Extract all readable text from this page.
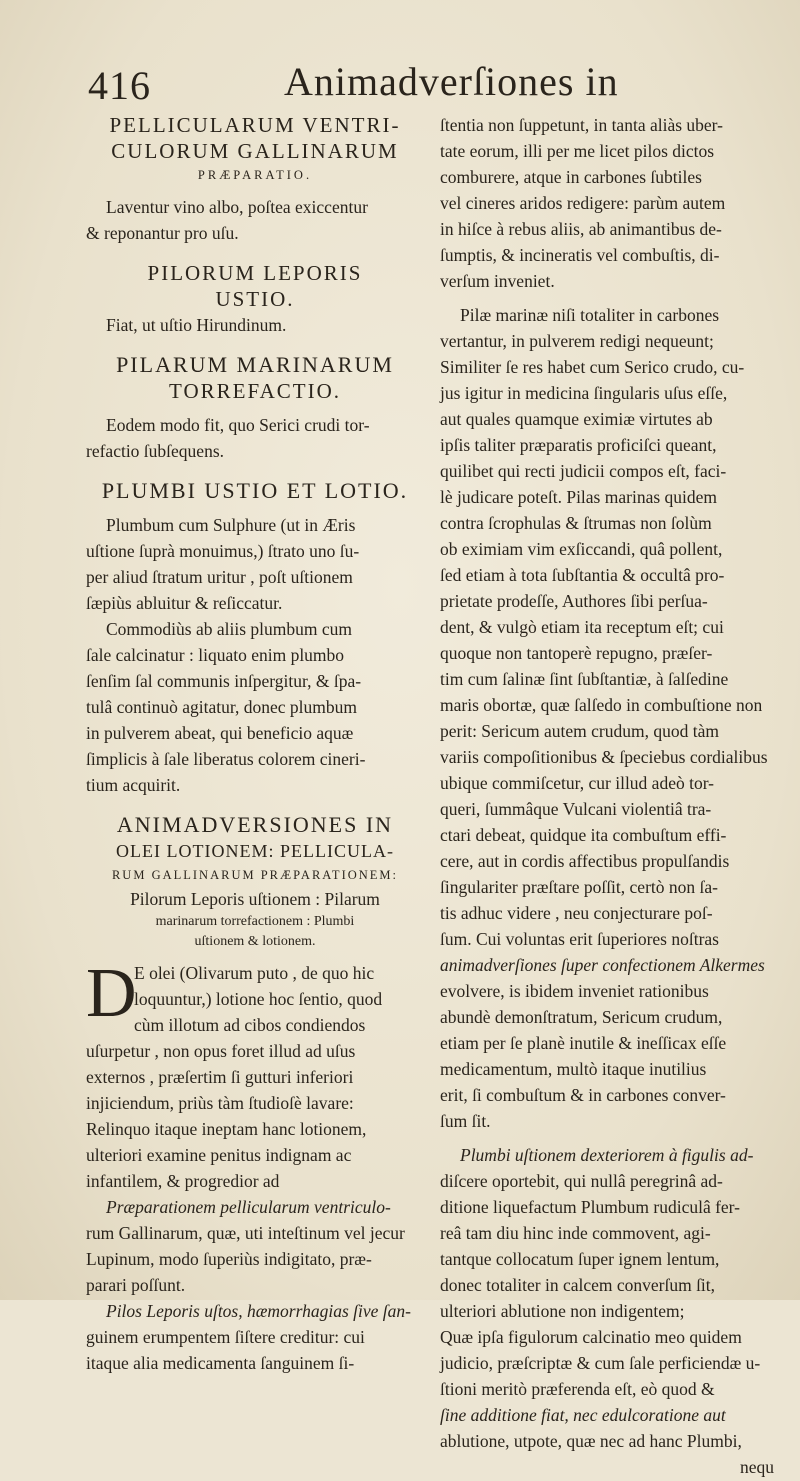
416	Animadverſiones in
PELLICULARUM VENTRI-
CULORUM GALLINARUM
PRÆPARATIO.
Laventur vino albo, poſtea exiccentur
& reponantur pro uſu.
PILORUM LEPORIS
USTIO.
Fiat, ut uſtio Hirundinum.
PILARUM MARINARUM
TORREFACTIO.
Eodem modo fit, quo Serici crudi tor-
refactio ſubſequens.
PLUMBI USTIO ET LOTIO.
Plumbum cum Sulphure (ut in Æris
uſtione ſuprà monuimus,) ſtrato uno ſu-
per aliud ſtratum uritur , poſt uſtionem
ſæpiùs abluitur & reſiccatur.
Commodiùs ab aliis plumbum cum
ſale calcinatur : liquato enim plumbo
ſenſim ſal communis inſpergitur, & ſpa-
tulâ continuò agitatur, donec plumbum
in pulverem abeat, qui beneficio aquæ
ſimplicis à ſale liberatus colorem cineri-
tium acquirit.
ANIMADVERSIONES IN
OLEI LOTIONEM: PELLICULA-
RUM GALLINARUM PRÆPARATIONEM:
Pilorum Leporis uſtionem : Pilarum
marinarum torrefactionem : Plumbi
uſtionem & lotionem.
D
E olei (Olivarum puto , de quo hic
loquuntur,) lotione hoc ſentio, quod
cùm illotum ad cibos condiendos
uſurpetur , non opus foret illud ad uſus
externos , præſertim ſi gutturi inferiori
injiciendum, priùs tàm ſtudioſè lavare:
Relinquo itaque ineptam hanc lotionem,
ulteriori examine penitus indignam ac
infantilem, & progredior ad
Præparationem pellicularum ventriculo-
rum Gallinarum, quæ, uti inteſtinum vel jecur
Lupinum, modo ſuperiùs indigitato, præ-
parari poſſunt.
Pilos Leporis uſtos, hæmorrhagias ſive ſan-
guinem erumpentem ſiſtere creditur: cui
itaque alia medicamenta ſanguinem ſi-
ſtentia non ſuppetunt, in tanta aliàs uber-
tate eorum, illi per me licet pilos dictos
comburere, atque in carbones ſubtiles
vel cineres aridos redigere: parùm autem
in hiſce à rebus aliis, ab animantibus de-
ſumptis, & incineratis vel combuſtis, di-
verſum inveniet.
Pilæ marinæ niſi totaliter in carbones
vertantur, in pulverem redigi nequeunt;
Similiter ſe res habet cum Serico crudo, cu-
jus igitur in medicina ſingularis uſus eſſe,
aut quales quamque eximiæ virtutes ab
ipſis taliter præparatis proficiſci queant,
quilibet qui recti judicii compos eſt, faci-
lè judicare poteſt. Pilas marinas quidem
contra ſcrophulas & ſtrumas non ſolùm
ob eximiam vim exſiccandi, quâ pollent,
ſed etiam à tota ſubſtantia & occultâ pro-
prietate prodeſſe, Authores ſibi perſua-
dent, & vulgò etiam ita receptum eſt; cui
quoque non tantoperè repugno, præſer-
tim cum ſalinæ ſint ſubſtantiæ, à ſalſedine
maris obortæ, quæ ſalſedo in combuſtione non
perit: Sericum autem crudum, quod tàm
variis compoſitionibus & ſpeciebus cordialibus
ubique commiſcetur, cur illud adeò tor-
queri, ſummâque Vulcani violentiâ tra-
ctari debeat, quidque ita combuſtum effi-
cere, aut in cordis affectibus propulſandis
ſingulariter præſtare poſſit, certò non ſa-
tis adhuc videre , neu conjecturare poſ-
ſum. Cui voluntas erit ſuperiores noſtras
animadverſiones ſuper confectionem Alkermes
evolvere, is ibidem inveniet rationibus
abundè demonſtratum, Sericum crudum,
etiam per ſe planè inutile & ineſſicax eſſe
medicamentum, multò itaque inutilius
erit, ſi combuſtum & in carbones conver-
ſum ſit.
Plumbi uſtionem dexteriorem à figulis ad-
diſcere oportebit, qui nullâ peregrinâ ad-
ditione liquefactum Plumbum rudiculâ fer-
reâ tam diu hinc inde commovent, agi-
tantque collocatum ſuper ignem lentum,
donec totaliter in calcem converſum ſit,
ulteriori ablutione non indigentem;
Quæ ipſa figulorum calcinatio meo quidem
judicio, præſcriptæ & cum ſale perficiendæ u-
ſtioni meritò præferenda eſt, eò quod &
ſine additione fiat, nec edulcoratione aut
ablutione, utpote, quæ nec ad hanc Plumbi,
nequ
